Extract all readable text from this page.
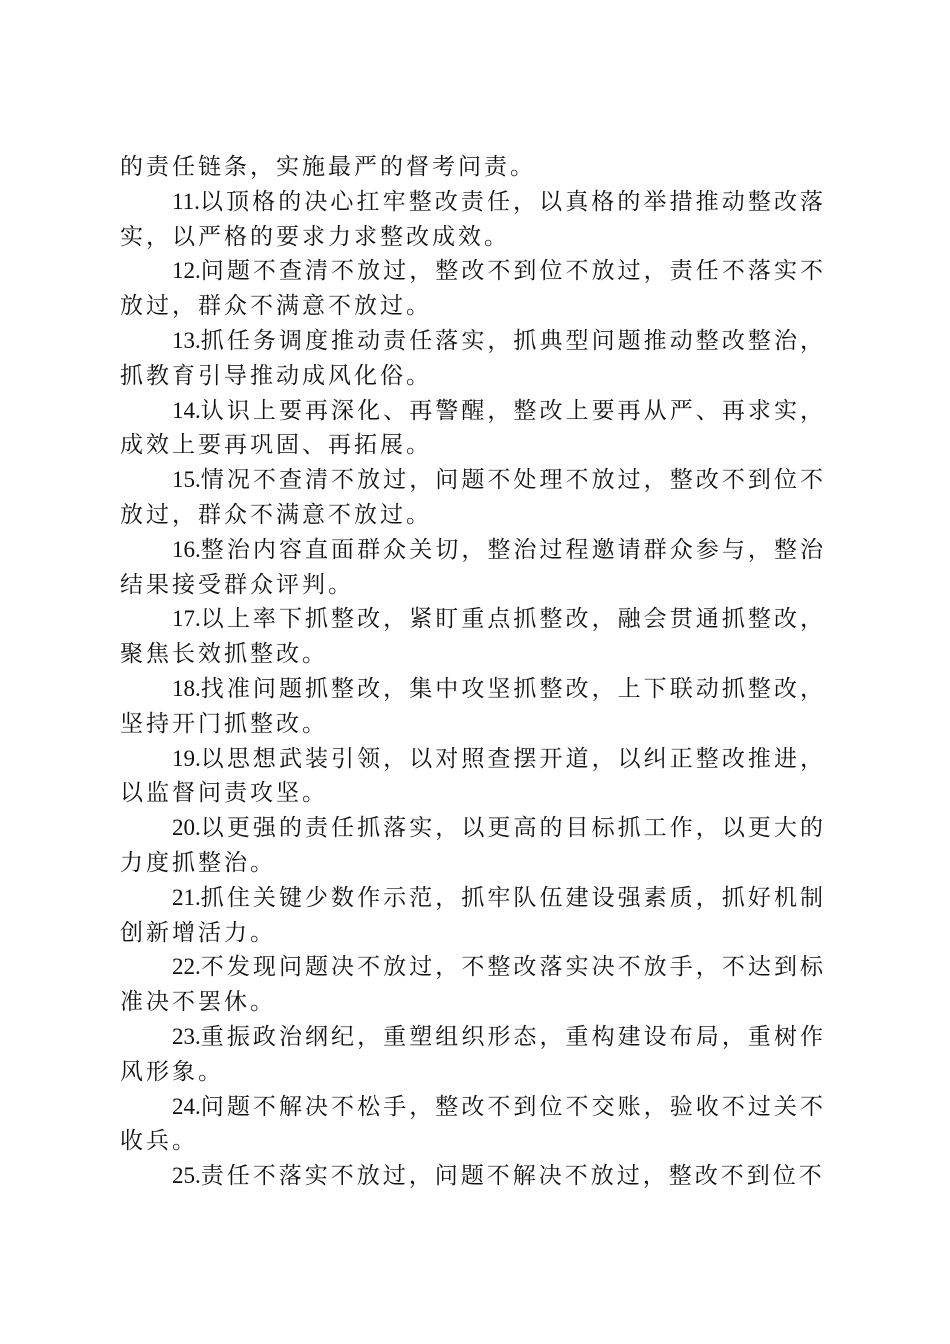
的责任链条，实施最严的督考问责。

11.以顶格的决心扛牢整改责任，以真格的举措推动整改落实，以严格的要求力求整改成效。

12.问题不查清不放过，整改不到位不放过，责任不落实不放过，群众不满意不放过。

13.抓任务调度推动责任落实，抓典型问题推动整改整治，抓教育引导推动成风化俗。

14.认识上要再深化、再警醒，整改上要再从严、再求实，成效上要再巩固、再拓展。

15.情况不查清不放过，问题不处理不放过，整改不到位不放过，群众不满意不放过。

16.整治内容直面群众关切，整治过程邀请群众参与，整治结果接受群众评判。

17.以上率下抓整改，紧盯重点抓整改，融会贯通抓整改，聚焦长效抓整改。

18.找准问题抓整改，集中攻坚抓整改，上下联动抓整改，坚持开门抓整改。

19.以思想武装引领，以对照查摆开道，以纠正整改推进，以监督问责攻坚。

20.以更强的责任抓落实，以更高的目标抓工作，以更大的力度抓整治。

21.抓住关键少数作示范，抓牢队伍建设强素质，抓好机制创新增活力。

22.不发现问题决不放过，不整改落实决不放手，不达到标准决不罢休。

23.重振政治纲纪，重塑组织形态，重构建设布局，重树作风形象。

24.问题不解决不松手，整改不到位不交账，验收不过关不收兵。

25.责任不落实不放过，问题不解决不放过，整改不到位不
